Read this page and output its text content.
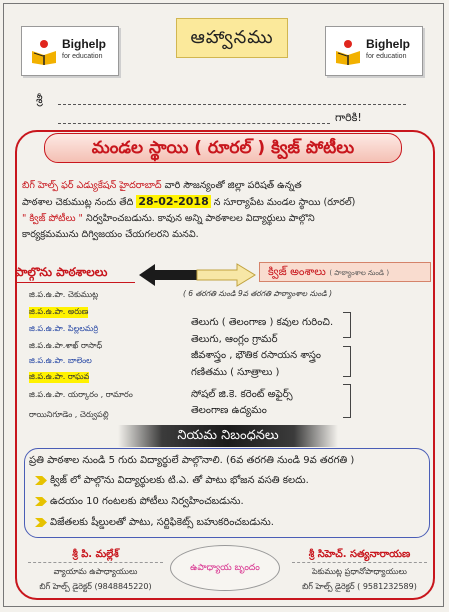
Bighelp
for education
ఆహ్వానము	Bighelp
for education
శ్రీ
గారికి!
మండల స్థాయి ( రూరల్ ) క్విజ్ పోటీలు
బిగ్ హెల్ప్ ఫర్ ఎడ్యుకేషన్ హైదరాబాద్ వారి సౌజన్యంతో జిల్లా పరిషత్ ఉన్నత
పాఠశాల చెకుముట్ల నందు తేది 28-02-2018 న సూర్యాపేట మండల స్థాయి (రూరల్)
" క్విజ్ పోటీలు " నిర్వహించబడును. కావున అన్ని పాఠశాలల విద్యార్థులు పాల్గొని
కార్యక్రమమును దిగ్విజయం చేయగలరని మనవి.
పాల్గొను పాఠశాలలు	క్విజ్ అంశాలు ( పాఠ్యాంశాల నుండి )
( 6 తరగతి నుండి 9వ తరగతి పాఠ్యాంశాల నుండి )
జి.ప.ఉ.పా. చెకుముట్ల
జి.ప.ఉ.పా. అరుణ
జి.ప.ఉ.పా. పిల్లలమర్రి
జి.ప.ఉ.పా.శాఖ్ రాసాధ్
జి.ప.ఉ.పా. బాలెంల
జి.ప.ఉ.పా. రాఘవ
జి.ప.ఉ.పా. యర్కారం , రామారం
రాయినిగూడెం , చెర్వుపల్లి
తెలుగు ( తెలంగాణ ) కవుల గురించి.
తెలుగు, ఆంగ్లం గ్రామర్
జీవశాస్త్రం , భౌతిక రసాయన శాస్త్రం
గణితము ( సూత్రాలు )
సోషల్ జి.కె. కరెంట్ అఫైర్స్
తెలంగాణ ఉద్యమం
నియమ నిబంధనలు
ప్రతి పాఠశాల నుండి 5 గురు విద్యార్థులే పాల్గొనాలి. (6వ తరగతి నుండి 9వ తరగతి )
క్విజ్ లో పాల్గొను విద్యార్థులకు టి.ఎ. తో పాటు భోజన వసతి కలదు.
ఉదయం 10 గంటలకు పోటీలు నిర్వహించబడును.
విజేతలకు షీల్డులతో పాటు, సర్టిఫికెట్స్ బహుకరించబడును.
శ్రీ పి. మల్లేశ్
వ్యాయామ ఉపాధ్యాయులు
బిగ్ హెల్ప్ డైరెక్టర్ (9848845220)
ఉపాధ్యాయ బృందం
శ్రీ సిహెచ్. సత్యనారాయణ
పెకుముట్ల ప్రధానోపాధ్యాయులు
బిగ్ హెల్ప్ డైరెక్టర్ ( 9581232589)
